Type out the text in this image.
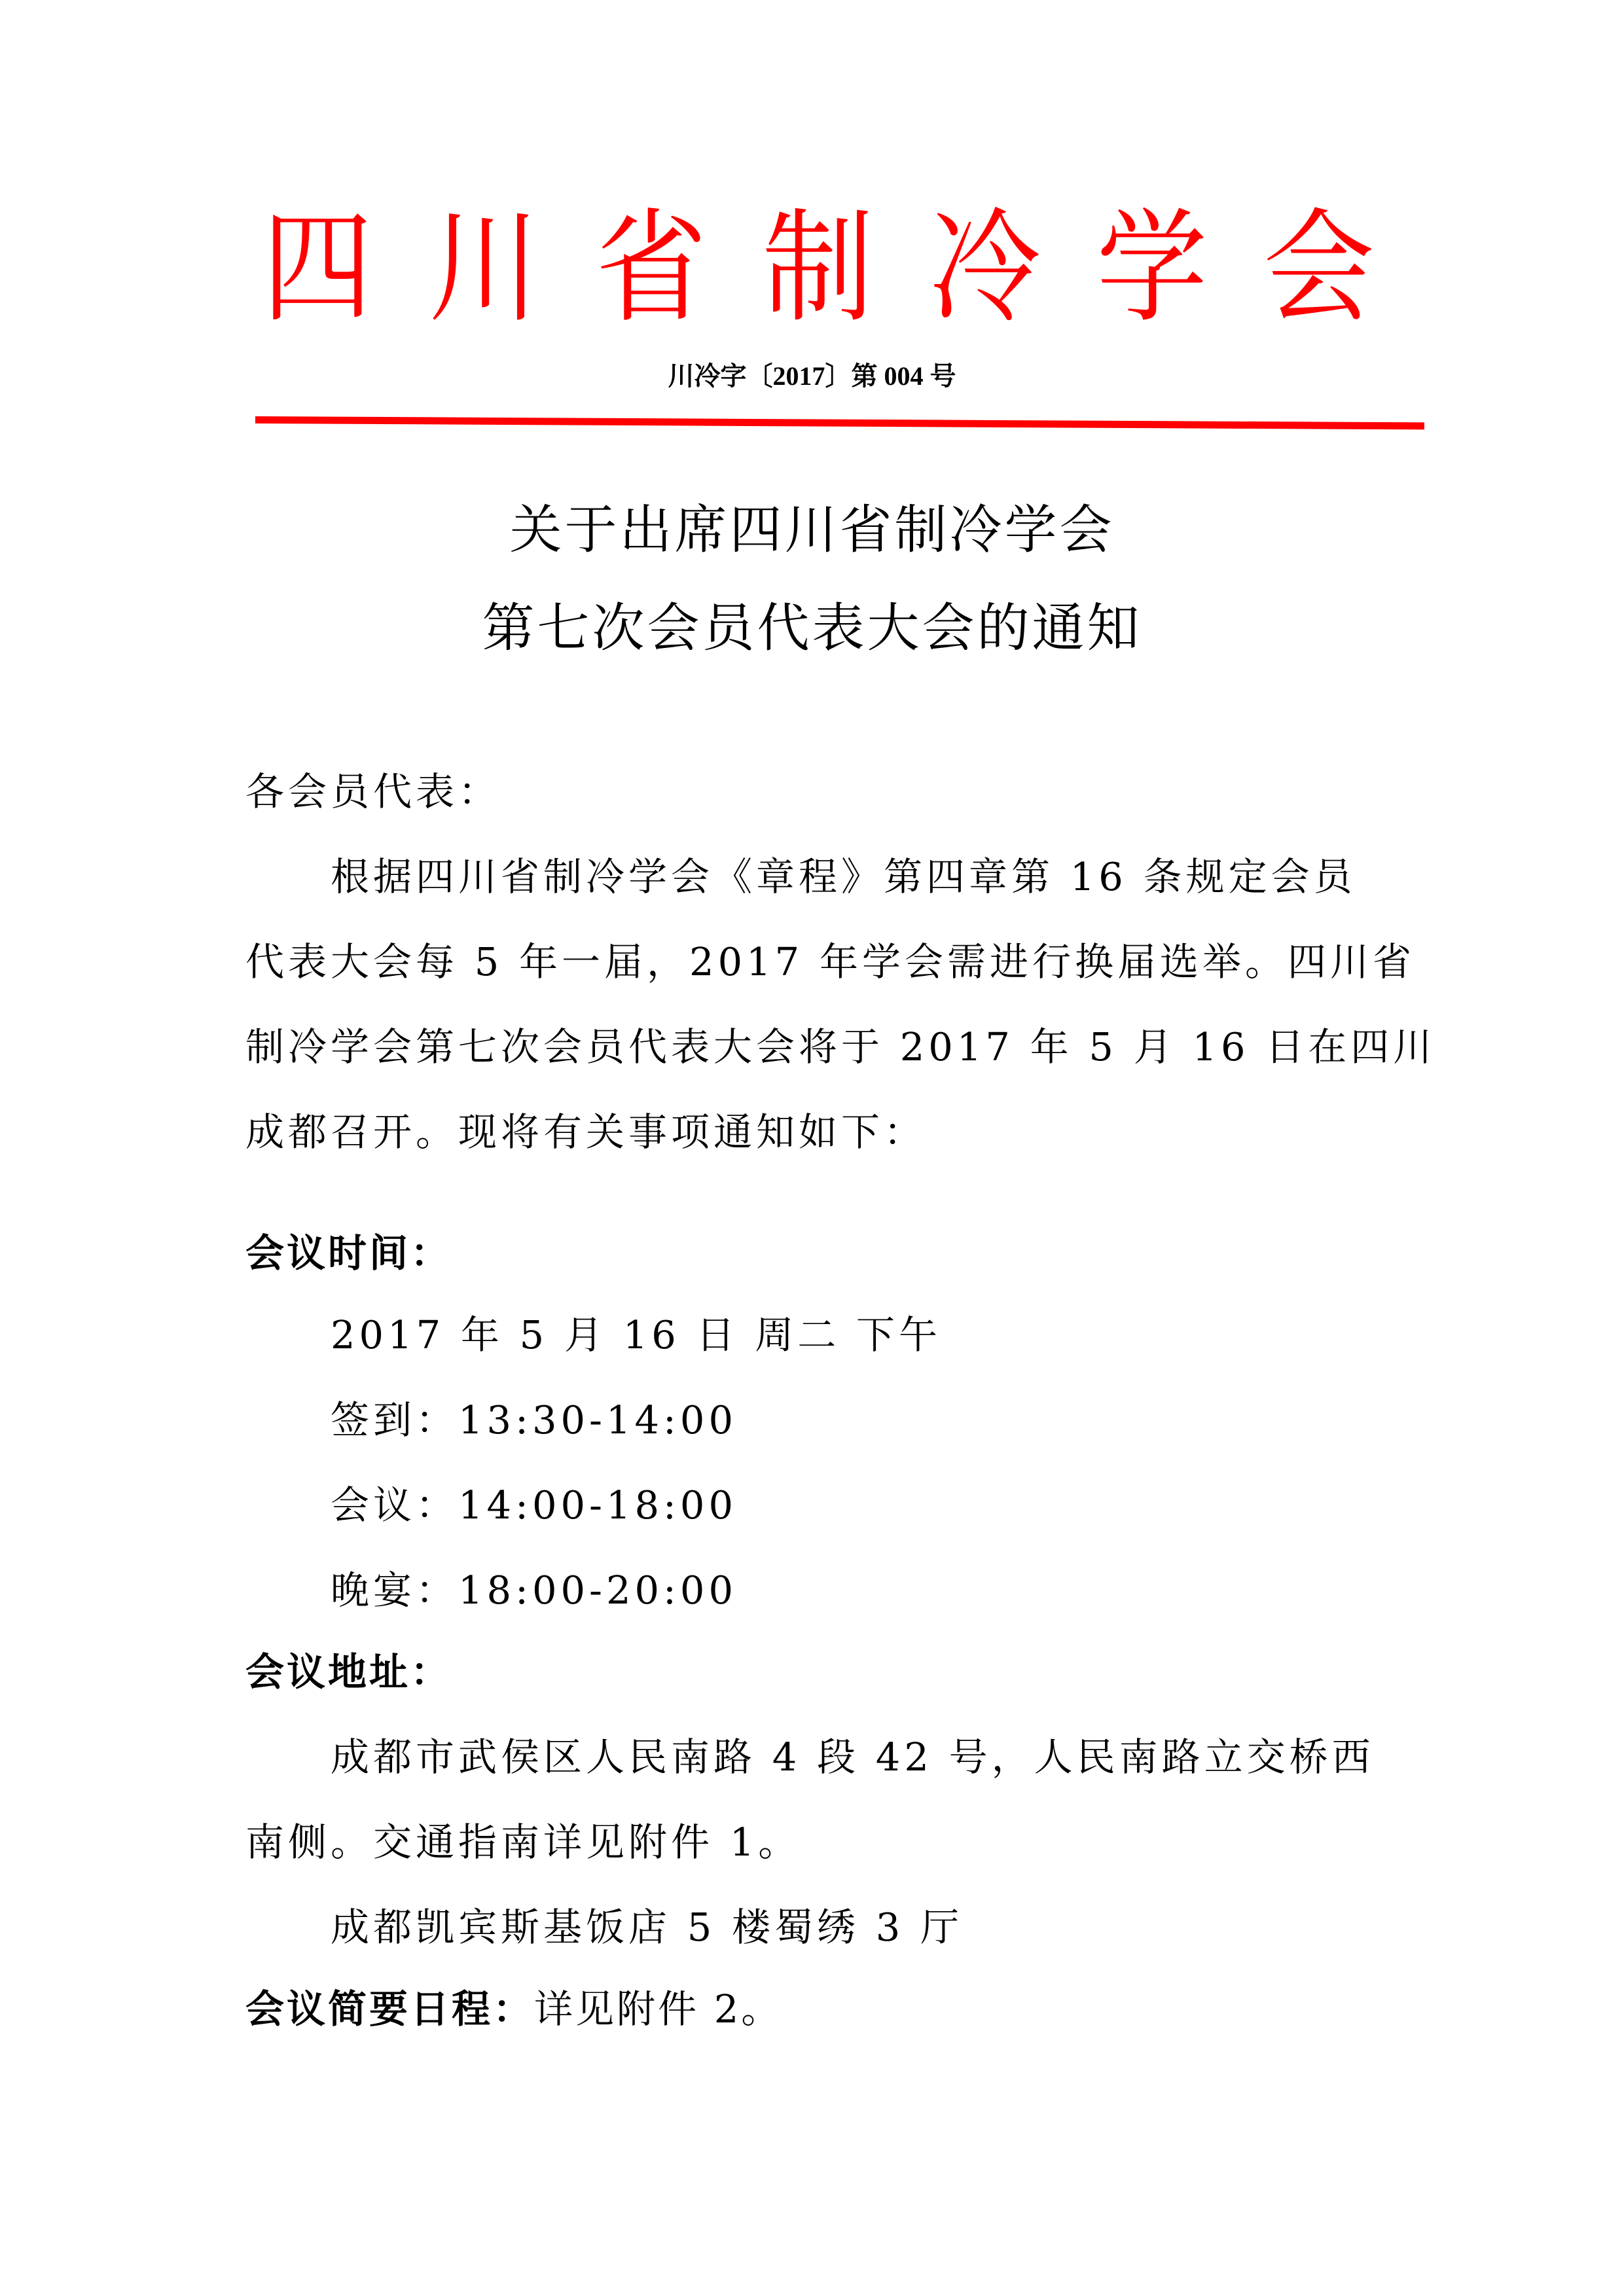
四 川 省 制 冷 学 会
川冷字〔2017〕第 004 号
关于出席四川省制冷学会
第七次会员代表大会的通知
各会员代表：
根据四川省制冷学会《章程》第四章第 16 条规定会员
代表大会每 5 年一届，2017 年学会需进行换届选举。四川省
制冷学会第七次会员代表大会将于 2017 年 5 月 16 日在四川
成都召开。现将有关事项通知如下：
会议时间：
2017 年 5 月 16 日 周二 下午
签到：13:30-14:00
会议：14:00-18:00
晚宴：18:00-20:00
会议地址：
成都市武侯区人民南路 4 段 42 号，人民南路立交桥西
南侧。交通指南详见附件 1。
成都凯宾斯基饭店 5 楼蜀绣 3 厅
会议简要日程：详见附件 2。
